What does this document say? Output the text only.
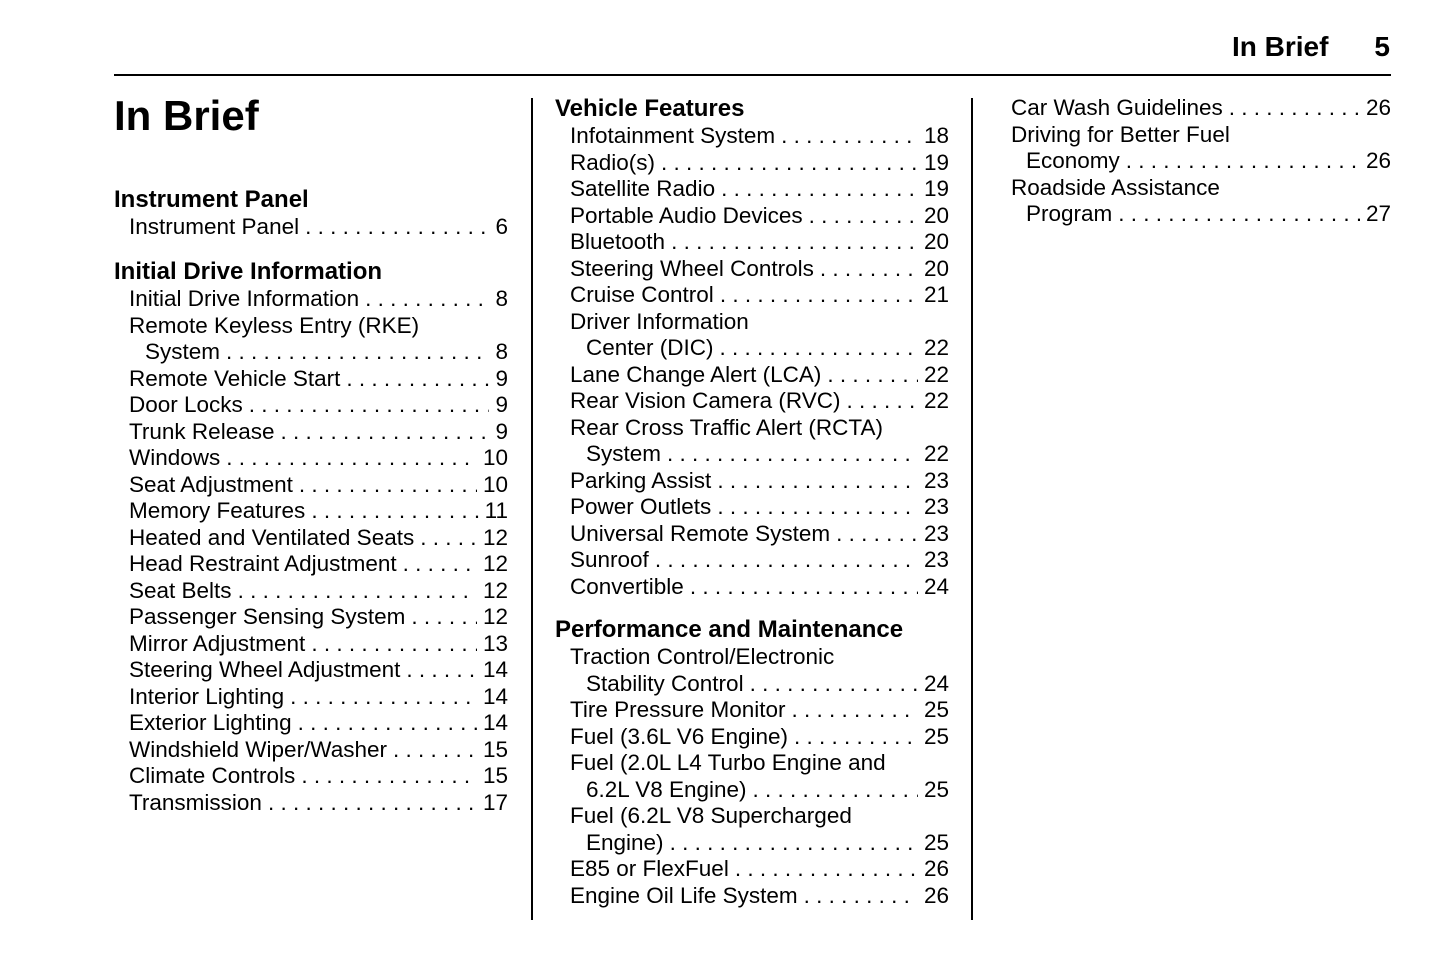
In Brief 5
In Brief
Instrument Panel
Instrument Panel . . .	6
Initial Drive Information
Initial Drive Information . . .	8
Remote Keyless Entry (RKE)
System . . .	8
Remote Vehicle Start . . .	9
Door Locks . . .	9
Trunk Release . . .	9
Windows . . .	10
Seat Adjustment . . .	10
Memory Features . . .	11
Heated and Ventilated Seats . . .	12
Head Restraint Adjustment . . .	12
Seat Belts . . .	12
Passenger Sensing System . . .	12
Mirror Adjustment . . .	13
Steering Wheel Adjustment . . .	14
Interior Lighting . . .	14
Exterior Lighting . . .	14
Windshield Wiper/Washer . . .	15
Climate Controls . . .	15
Transmission . . .	17
Vehicle Features
Infotainment System . . .	18
Radio(s) . . .	19
Satellite Radio . . .	19
Portable Audio Devices . . .	20
Bluetooth . . .	20
Steering Wheel Controls . . .	20
Cruise Control . . .	21
Driver Information
Center (DIC) . . .	22
Lane Change Alert (LCA) . . .	22
Rear Vision Camera (RVC) . . .	22
Rear Cross Traffic Alert (RCTA)
System . . .	22
Parking Assist . . .	23
Power Outlets . . .	23
Universal Remote System . . .	23
Sunroof . . .	23
Convertible . . .	24
Performance and Maintenance
Traction Control/Electronic
Stability Control . . .	24
Tire Pressure Monitor . . .	25
Fuel (3.6L V6 Engine) . . .	25
Fuel (2.0L L4 Turbo Engine and
6.2L V8 Engine) . . .	25
Fuel (6.2L V8 Supercharged
Engine) . . .	25
E85 or FlexFuel . . .	26
Engine Oil Life System . . .	26
Car Wash Guidelines . . .	26
Driving for Better Fuel
Economy . . .	26
Roadside Assistance
Program . . .	27
